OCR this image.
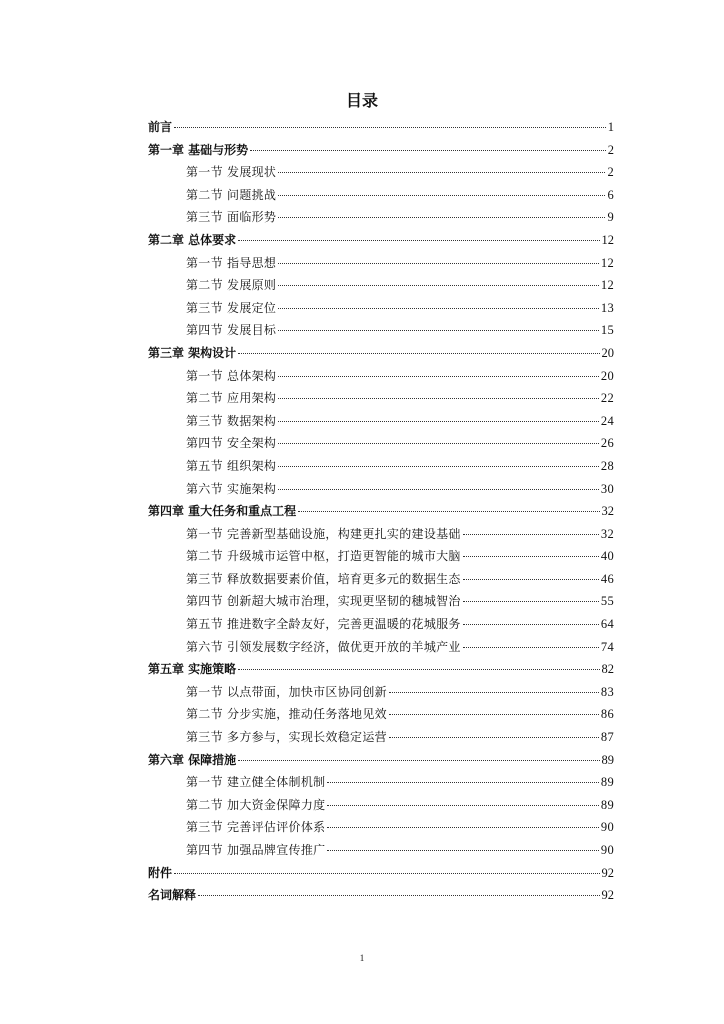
目录
前言	1
第一章 基础与形势	2
第一节 发展现状	2
第二节 问题挑战	6
第三节 面临形势	9
第二章 总体要求	12
第一节 指导思想	12
第二节 发展原则	12
第三节 发展定位	13
第四节 发展目标	15
第三章 架构设计	20
第一节 总体架构	20
第二节 应用架构	22
第三节 数据架构	24
第四节 安全架构	26
第五节 组织架构	28
第六节 实施架构	30
第四章 重大任务和重点工程	32
第一节 完善新型基础设施，构建更扎实的建设基础	32
第二节 升级城市运管中枢，打造更智能的城市大脑	40
第三节 释放数据要素价值，培育更多元的数据生态	46
第四节 创新超大城市治理，实现更坚韧的穗城智治	55
第五节 推进数字全龄友好，完善更温暖的花城服务	64
第六节 引领发展数字经济，做优更开放的羊城产业	74
第五章 实施策略	82
第一节 以点带面，加快市区协同创新	83
第二节 分步实施，推动任务落地见效	86
第三节 多方参与，实现长效稳定运营	87
第六章 保障措施	89
第一节 建立健全体制机制	89
第二节 加大资金保障力度	89
第三节 完善评估评价体系	90
第四节 加强品牌宣传推广	90
附件	92
名词解释	92
1
